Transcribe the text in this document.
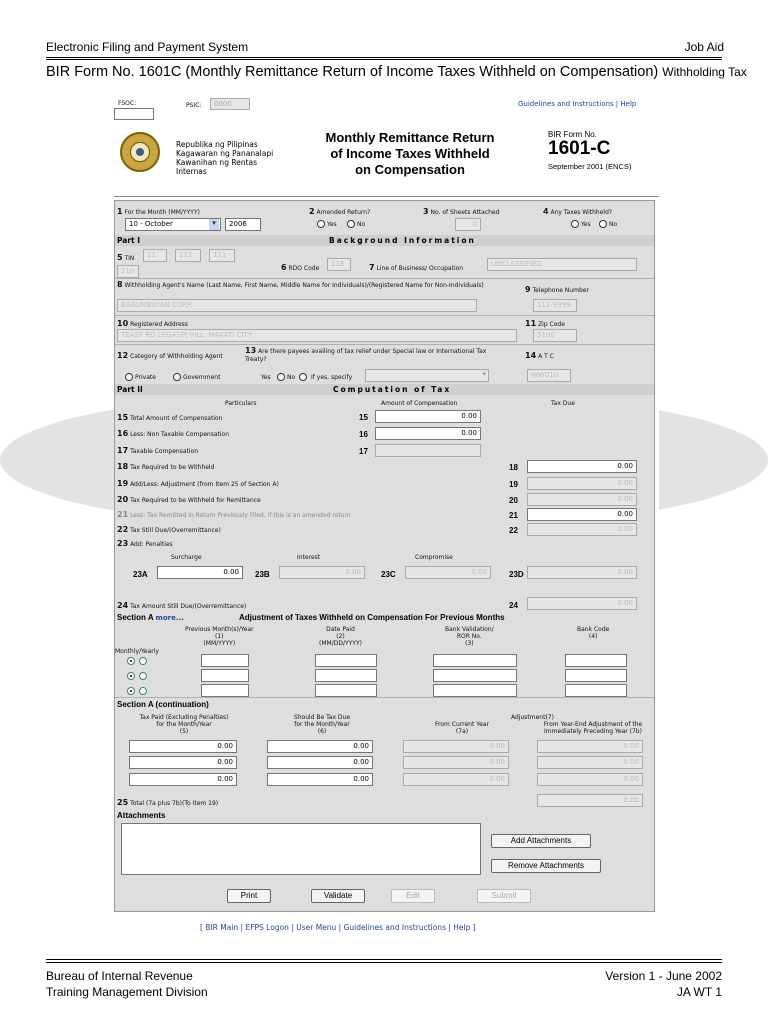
Electronic Filing and Payment System	Job Aid
BIR Form No. 1601C (Monthly Remittance Return of Income Taxes Withheld on Compensation) Withholding Tax
FSOC:	PSIC:	0000	Guidelines and Instructions | Help
Republika ng Pilipinas
Kagawaran ng Pananalapi
Kawanihan ng Rentas
Internas
Monthly Remittance Return
of Income Taxes Withheld
on Compensation
BIR Form No.
1601-C
September 2001 (ENCS)
1 For the Month (MM/YYYY)
10 - October	▾	2006
2 Amended Return?
Yes	No
3 No. of Sheets Attached
0
4 Any Taxes Withheld?
Yes	No
Part I	Background Information
5 TIN	11	111	111
110	6 RDO Code
116	7 Line of Business/ Occupation
UNCLASSIFIED
8 Withholding Agent's Name (Last Name, First Name, Middle Name for Individuals)/(Registered Name for Non-Individuals)
BAGUMBAYAN CORP.
9 Telephone Number
111-9999
10 Registered Address
TEASY RD LEGASPI VILL. MAKATI CITY
11 Zip Code
5100
12 Category of Withholding Agent
13 Are there payees availing of tax relief under Special law or International Tax Treaty?	14 A T C
Private	Government	Yes	No	If yes, specify	▾	WW010
Part II	Computation of Tax
Particulars	Amount of Compensation	Tax Due
15 Total Amount of Compensation	15	0.00
16 Less: Non Taxable Compensation	16	0.00
17 Taxable Compensation	17
18 Tax Required to be Withheld	18	0.00
19 Add/Less: Adjustment (from Item 25 of Section A)	19	0.00
20 Tax Required to be Withheld for Remittance	20	0.00
21 Less: Tax Remitted in Return Previously Filed, if this is an amended return	21	0.00
22 Tax Still Due/(Overremittance)	22	0.00
23 Add: Penalties
Surcharge	Interest	Compromise
23A	0.00	23B	0.00	23C	0.00	23D	0.00
24 Tax Amount Still Due/(Overremittance)	24	0.00
Section A more...	Adjustment of Taxes Withheld on Compensation For Previous Months
Previous Month(s)/Year
(1)
(MM/YYYY)
Date Paid
(2)
(MM/DD/YYYY)
Bank Validation/
ROR No.
(3)
Bank Code
(4)
Monthly/Yearly
Section A (continuation)
Tax Paid (Excluding Penalties)
for the Month/Year
(5)
Should Be Tax Due
for the Month/Year
(6)
Adjustment(7)
From Current Year
(7a)
From Year-End Adjustment of the
Immediately Preceding Year (7b)
0.00	0.00	0.00	0.00
0.00	0.00	0.00	0.00
0.00	0.00	0.00	0.00
25 Total (7a plus 7b)(To Item 19)	0.00
Attachments
Add Attachments
Remove Attachments
Print	Validate	Edit	Submit
[ BIR Main | EFPS Logon | User Menu | Guidelines and Instructions | Help ]
Bureau of Internal Revenue
Training Management Division
Version 1 - June 2002
JA WT 1
